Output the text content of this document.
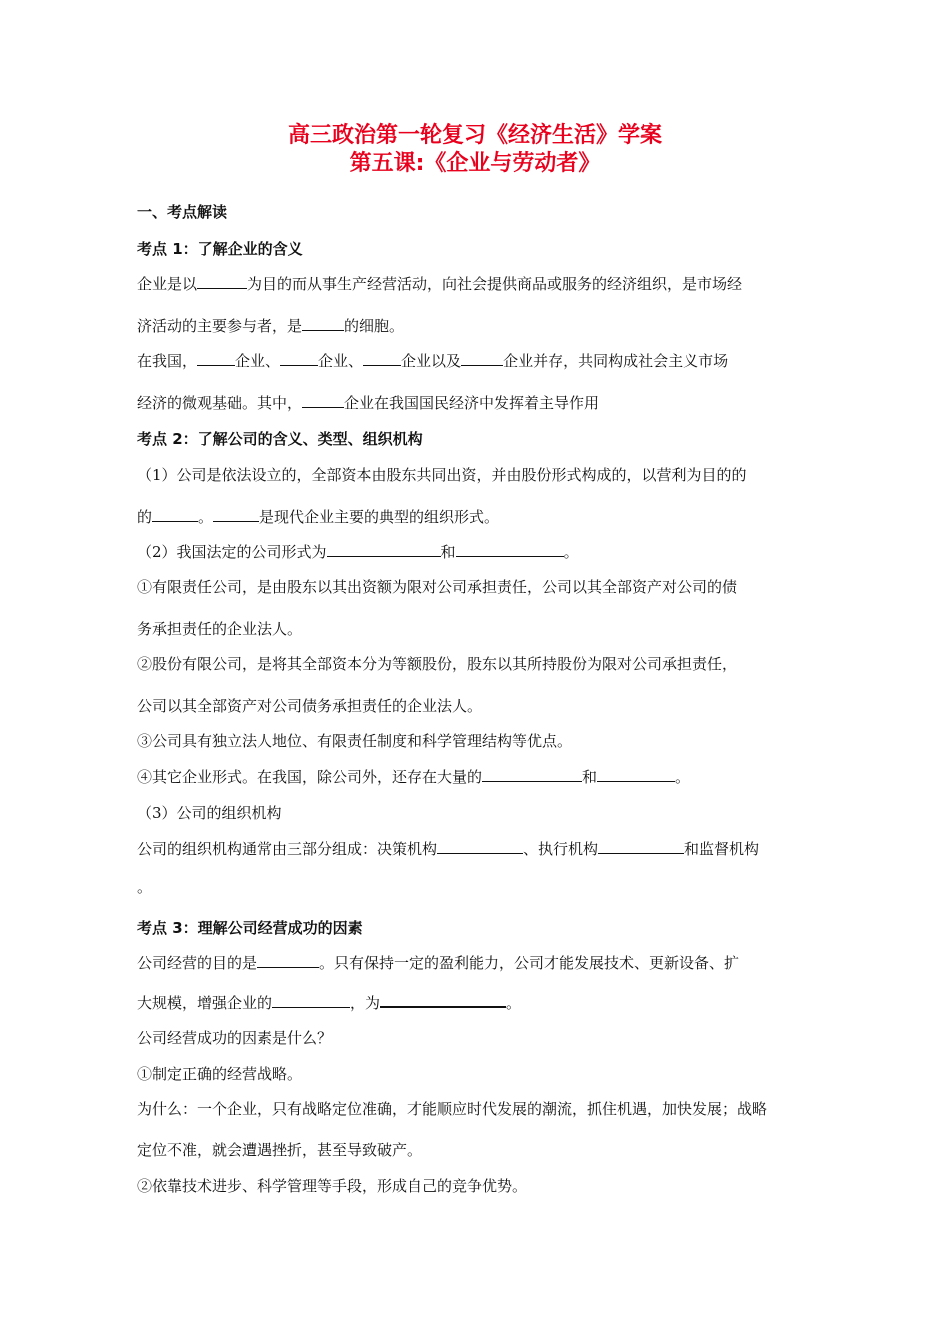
高三政治第一轮复习《经济生活》学案
第五课:《企业与劳动者》
一、考点解读
考点 1：了解企业的含义
企业是以	为目的而从事生产经营活动，向社会提供商品或服务的经济组织，是市场经
济活动的主要参与者，是	的细胞。
在我国，	企业、	企业、	企业以及	企业并存，共同构成社会主义市场
经济的微观基础。其中，	企业在我国国民经济中发挥着主导作用
考点 2：了解公司的含义、类型、组织机构
（1）公司是依法设立的，全部资本由股东共同出资，并由股份形式构成的，以营利为目的的
的	。	是现代企业主要的典型的组织形式。
（2）我国法定的公司形式为	和	。
①有限责任公司，是由股东以其出资额为限对公司承担责任，公司以其全部资产对公司的债
务承担责任的企业法人。
②股份有限公司，是将其全部资本分为等额股份，股东以其所持股份为限对公司承担责任，
公司以其全部资产对公司债务承担责任的企业法人。
③公司具有独立法人地位、有限责任制度和科学管理结构等优点。
④其它企业形式。在我国，除公司外，还存在大量的	和	。
（3）公司的组织机构
公司的组织机构通常由三部分组成：决策机构	、执行机构	和监督机构
。
考点 3：理解公司经营成功的因素
公司经营的目的是	。只有保持一定的盈利能力，公司才能发展技术、更新设备、扩
大规模，增强企业的	，为	。
公司经营成功的因素是什么？
①制定正确的经营战略。
为什么：一个企业，只有战略定位准确，才能顺应时代发展的潮流，抓住机遇，加快发展；战略
定位不准，就会遭遇挫折，甚至导致破产。
②依靠技术进步、科学管理等手段，形成自己的竞争优势。
